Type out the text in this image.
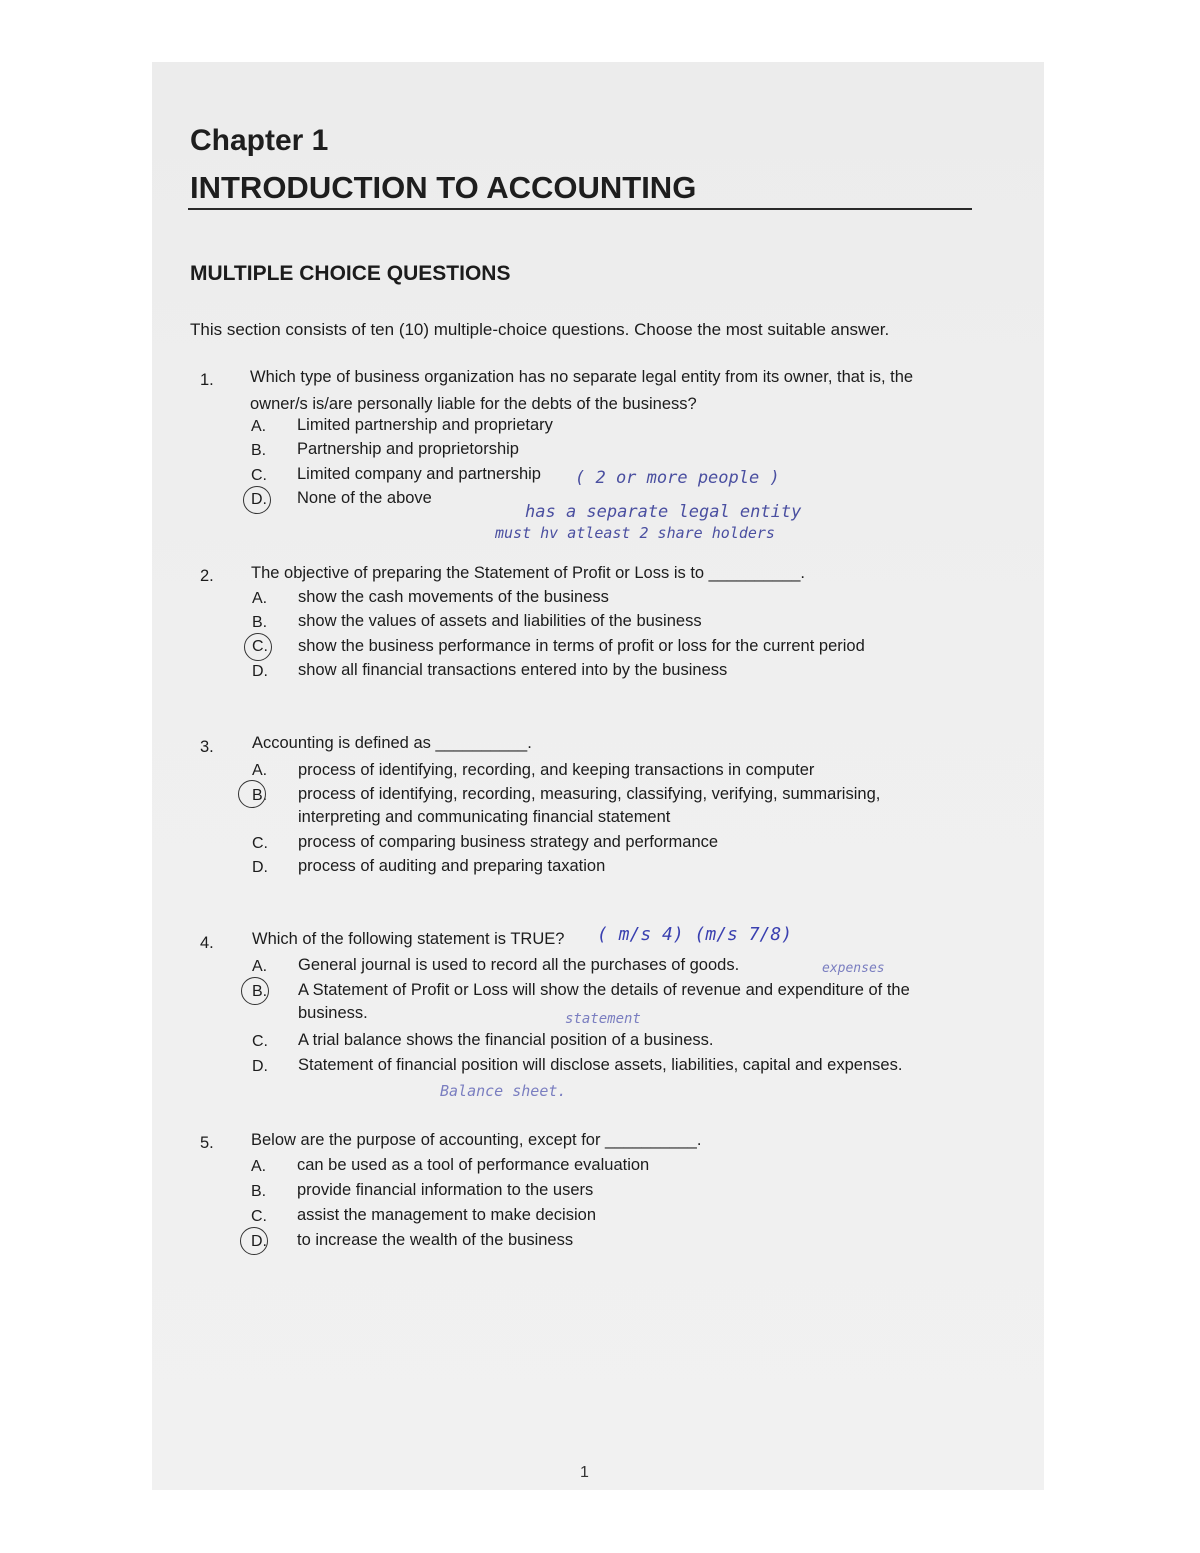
Chapter 1
INTRODUCTION TO ACCOUNTING
MULTIPLE CHOICE QUESTIONS
This section consists of ten (10) multiple-choice questions. Choose the most suitable answer.
1. Which type of business organization has no separate legal entity from its owner, that is, the
owner/s is/are personally liable for the debts of the business?
A. Limited partnership and proprietary
B. Partnership and proprietorship
C. Limited company and partnership
D. None of the above
( 2 or more people )
has a separate legal entity
must hv atleast 2 share holders
2. The objective of preparing the Statement of Profit or Loss is to __________.
A. show the cash movements of the business
B. show the values of assets and liabilities of the business
C. show the business performance in terms of profit or loss for the current period
D. show all financial transactions entered into by the business
3. Accounting is defined as __________.
A. process of identifying, recording, and keeping transactions in computer
B. process of identifying, recording, measuring, classifying, verifying, summarising,
interpreting and communicating financial statement
C. process of comparing business strategy and performance
D. process of auditing and preparing taxation
4. Which of the following statement is TRUE? ( m/s 4) (m/s 7/8)
A. General journal is used to record all the purchases of goods.	expenses
B. A Statement of Profit or Loss will show the details of revenue and expenditure of the
business.	statement
C. A trial balance shows the financial position of a business.
D. Statement of financial position will disclose assets, liabilities, capital and expenses.
Balance sheet.
5. Below are the purpose of accounting, except for __________.
A. can be used as a tool of performance evaluation
B. provide financial information to the users
C. assist the management to make decision
D. to increase the wealth of the business
1
